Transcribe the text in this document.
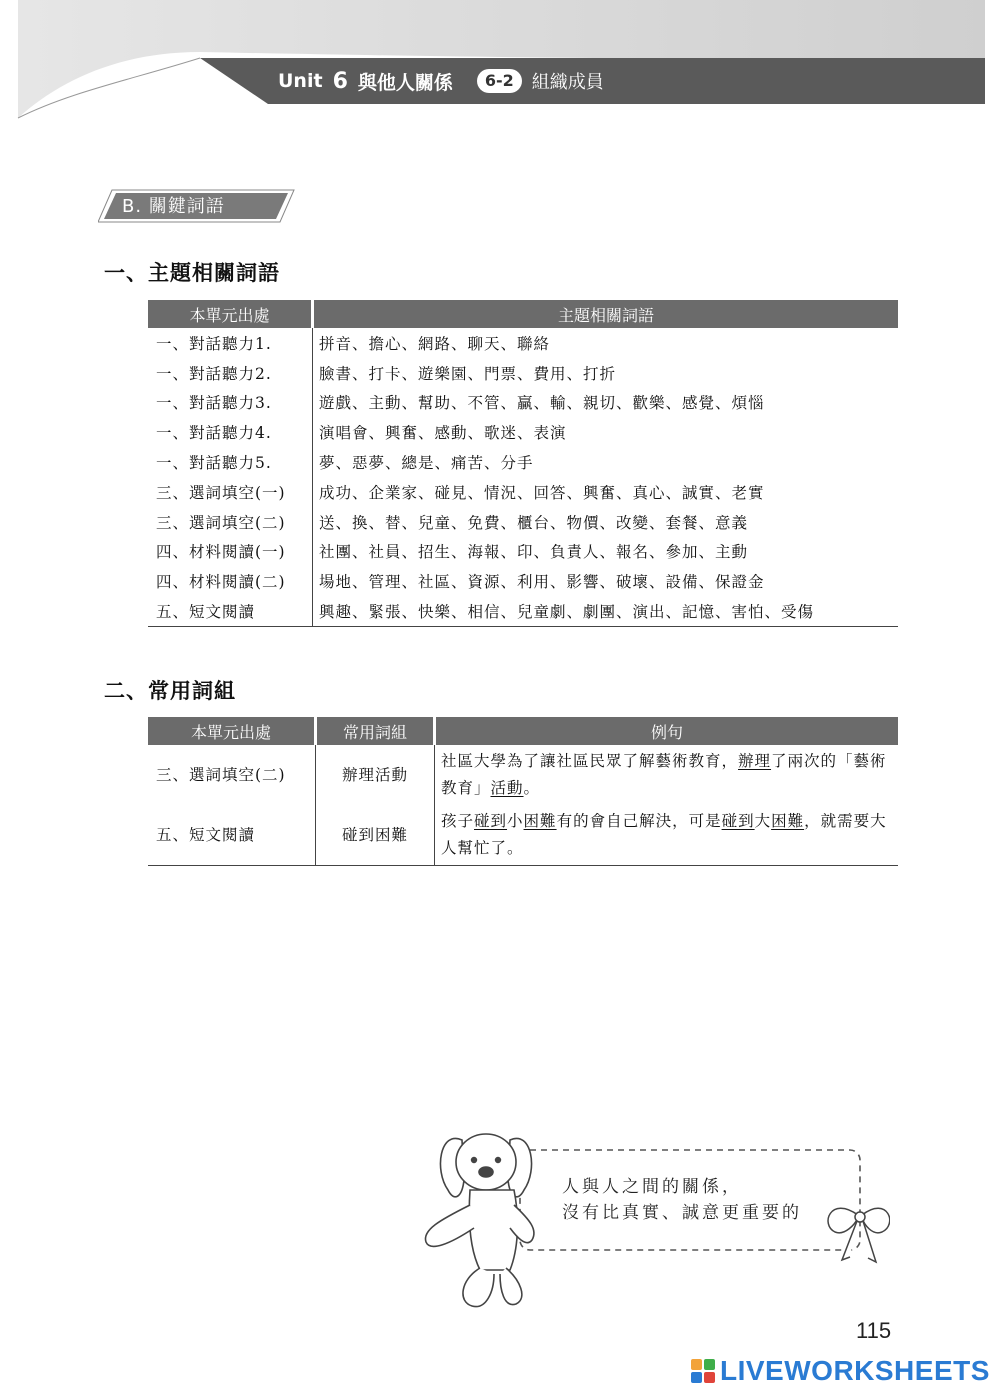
Unit 6 與他人關係	6-2	組織成員
B. 關鍵詞語
一、主題相關詞語
本單元出處	主題相關詞語
一、對話聽力1.	拼音、擔心、網路、聊天、聯絡
一、對話聽力2.	臉書、打卡、遊樂園、門票、費用、打折
一、對話聽力3.	遊戲、主動、幫助、不管、贏、輸、親切、歡樂、感覺、煩惱
一、對話聽力4.	演唱會、興奮、感動、歌迷、表演
一、對話聽力5.	夢、惡夢、總是、痛苦、分手
三、選詞填空(一)	成功、企業家、碰見、情況、回答、興奮、真心、誠實、老實
三、選詞填空(二)	送、換、替、兒童、免費、櫃台、物價、改變、套餐、意義
四、材料閱讀(一)	社團、社員、招生、海報、印、負責人、報名、參加、主動
四、材料閱讀(二)	場地、管理、社區、資源、利用、影響、破壞、設備、保證金
五、短文閱讀	興趣、緊張、快樂、相信、兒童劇、劇團、演出、記憶、害怕、受傷
二、常用詞組
本單元出處	常用詞組	例句
三、選詞填空(二)	辦理活動	社區大學為了讓社區民眾了解藝術教育，辦理了兩次的「藝術教育」活動。
五、短文閱讀	碰到困難	孩子碰到小困難有的會自己解決，可是碰到大困難，就需要大人幫忙了。
人與人之間的關係，
沒有比真實、誠意更重要的
115
LIVEWORKSHEETS
